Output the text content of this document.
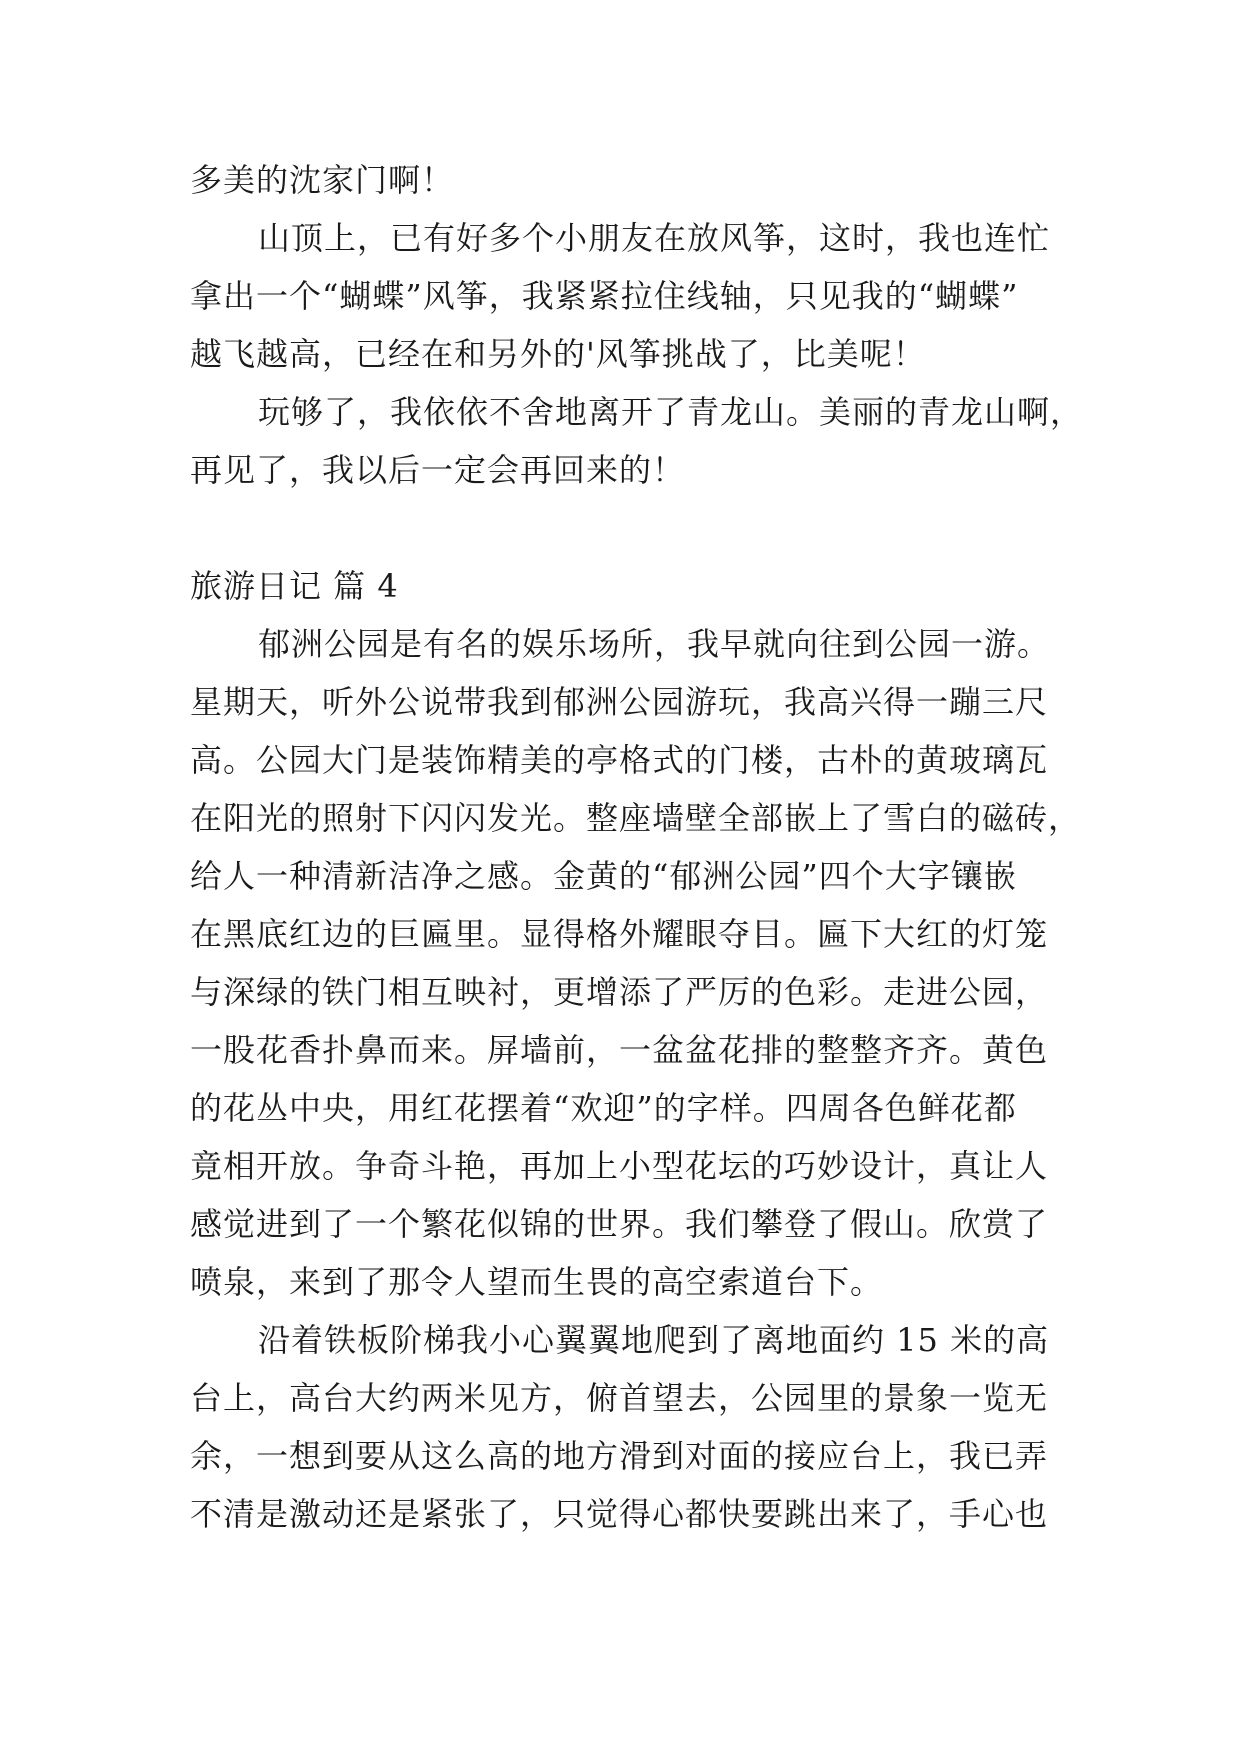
多美的沈家门啊！

山顶上，已有好多个小朋友在放风筝，这时，我也连忙

拿出一个“蝴蝶”风筝，我紧紧拉住线轴，只见我的“蝴蝶”

越飞越高，已经在和另外的'风筝挑战了，比美呢！

玩够了，我依依不舍地离开了青龙山。美丽的青龙山啊，

再见了，我以后一定会再回来的！

旅游日记 篇 4

郁洲公园是有名的娱乐场所，我早就向往到公园一游。

星期天，听外公说带我到郁洲公园游玩，我高兴得一蹦三尺

高。公园大门是装饰精美的亭格式的门楼，古朴的黄玻璃瓦

在阳光的照射下闪闪发光。整座墙壁全部嵌上了雪白的磁砖，

给人一种清新洁净之感。金黄的“郁洲公园”四个大字镶嵌

在黑底红边的巨匾里。显得格外耀眼夺目。匾下大红的灯笼

与深绿的铁门相互映衬，更增添了严厉的色彩。走进公园，

一股花香扑鼻而来。屏墙前，一盆盆花排的整整齐齐。黄色

的花丛中央，用红花摆着“欢迎”的字样。四周各色鲜花都

竟相开放。争奇斗艳，再加上小型花坛的巧妙设计，真让人

感觉进到了一个繁花似锦的世界。我们攀登了假山。欣赏了

喷泉，来到了那令人望而生畏的高空索道台下。

沿着铁板阶梯我小心翼翼地爬到了离地面约 15 米的高

台上，高台大约两米见方，俯首望去，公园里的景象一览无

余，一想到要从这么高的地方滑到对面的接应台上，我已弄

不清是激动还是紧张了，只觉得心都快要跳出来了，手心也
